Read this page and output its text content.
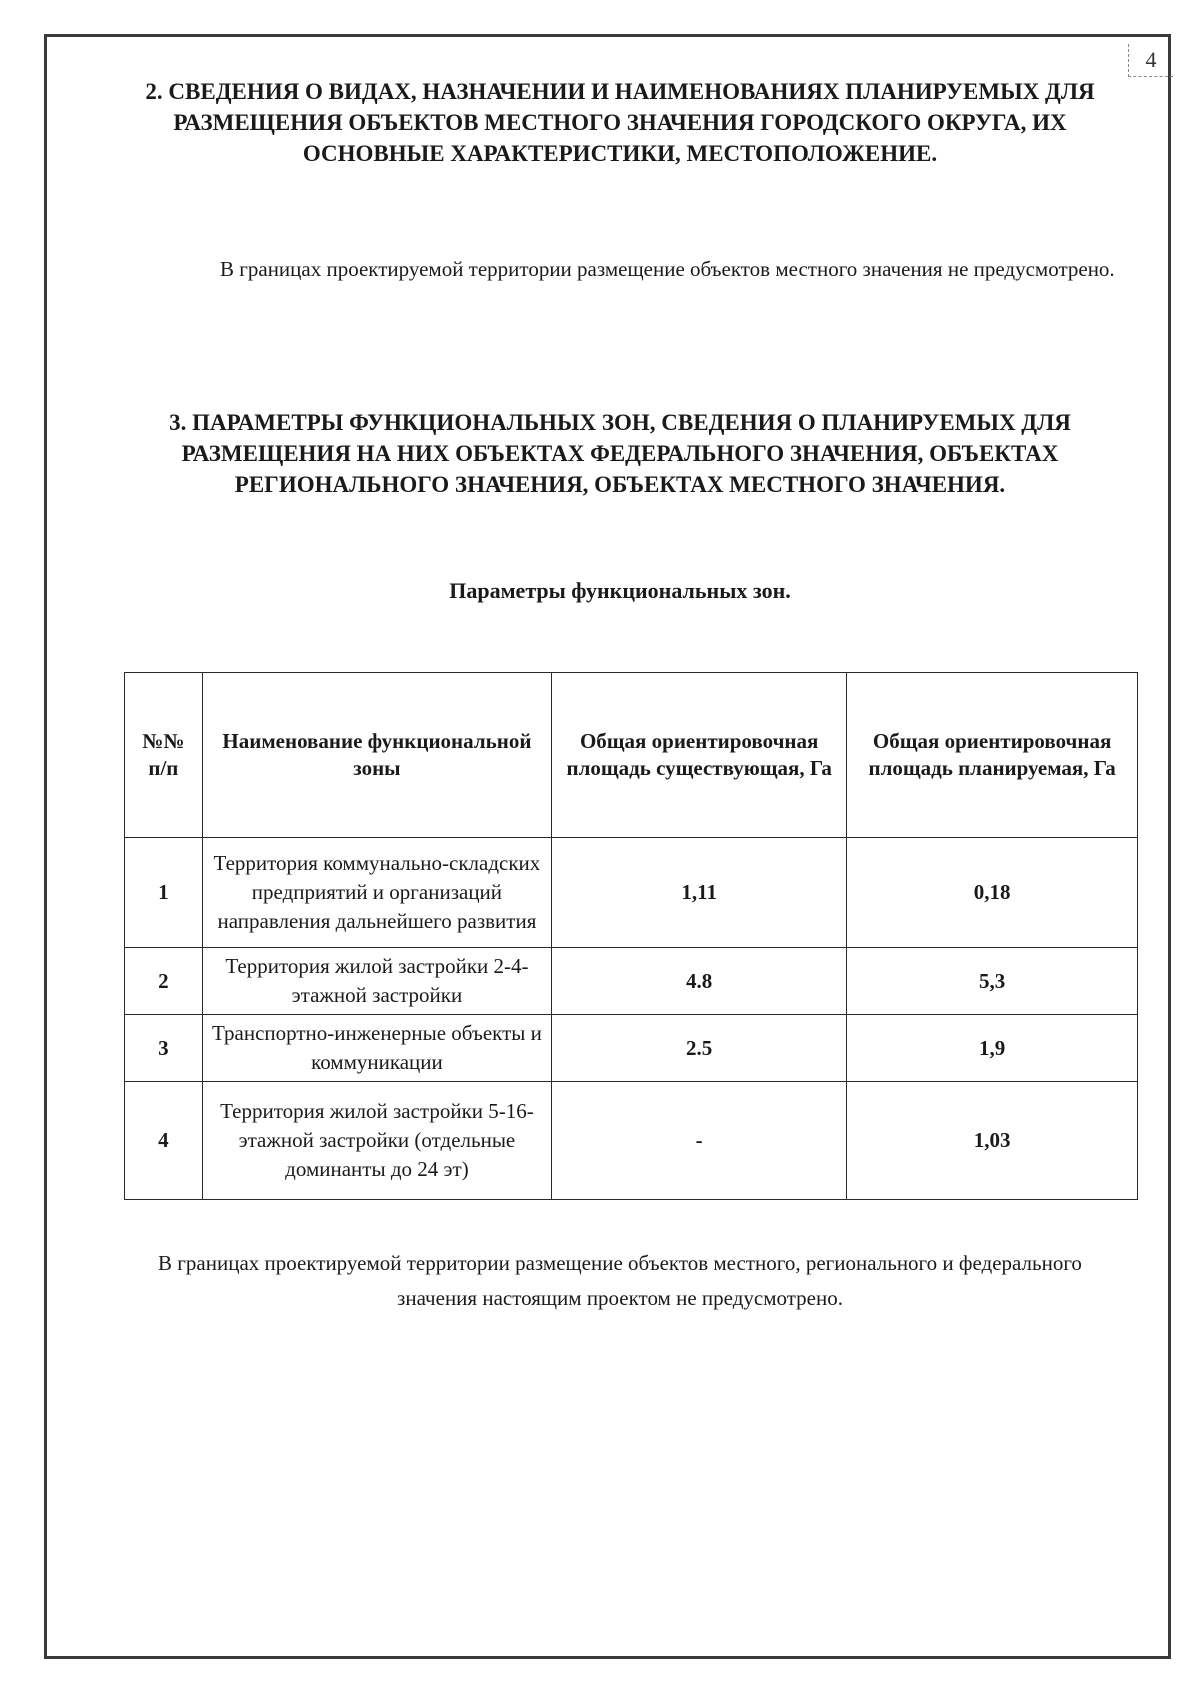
4
2. СВЕДЕНИЯ О ВИДАХ, НАЗНАЧЕНИИ И НАИМЕНОВАНИЯХ ПЛАНИРУЕМЫХ ДЛЯ РАЗМЕЩЕНИЯ ОБЪЕКТОВ МЕСТНОГО ЗНАЧЕНИЯ ГОРОДСКОГО ОКРУГА, ИХ ОСНОВНЫЕ ХАРАКТЕРИСТИКИ, МЕСТОПОЛОЖЕНИЕ.
В границах проектируемой территории размещение объектов местного значения не предусмотрено.
3. ПАРАМЕТРЫ ФУНКЦИОНАЛЬНЫХ ЗОН, СВЕДЕНИЯ О ПЛАНИРУЕМЫХ ДЛЯ РАЗМЕЩЕНИЯ НА НИХ ОБЪЕКТАХ ФЕДЕРАЛЬНОГО ЗНАЧЕНИЯ, ОБЪЕКТАХ РЕГИОНАЛЬНОГО ЗНАЧЕНИЯ, ОБЪЕКТАХ МЕСТНОГО ЗНАЧЕНИЯ.
Параметры функциональных зон.
№№ п/п	Наименование функциональной зоны	Общая ориентировочная площадь существующая, Га	Общая ориентировочная площадь планируемая, Га
1	Территория коммунально-складских предприятий и организаций направления дальнейшего развития	1,11	0,18
2	Территория жилой застройки 2-4-этажной застройки	4.8	5,3
3	Транспортно-инженерные объекты и коммуникации	2.5	1,9
4	Территория жилой застройки 5-16-этажной застройки (отдельные доминанты до 24 эт)	-	1,03
В границах проектируемой территории размещение объектов местного, регионального и федерального значения настоящим проектом не предусмотрено.
